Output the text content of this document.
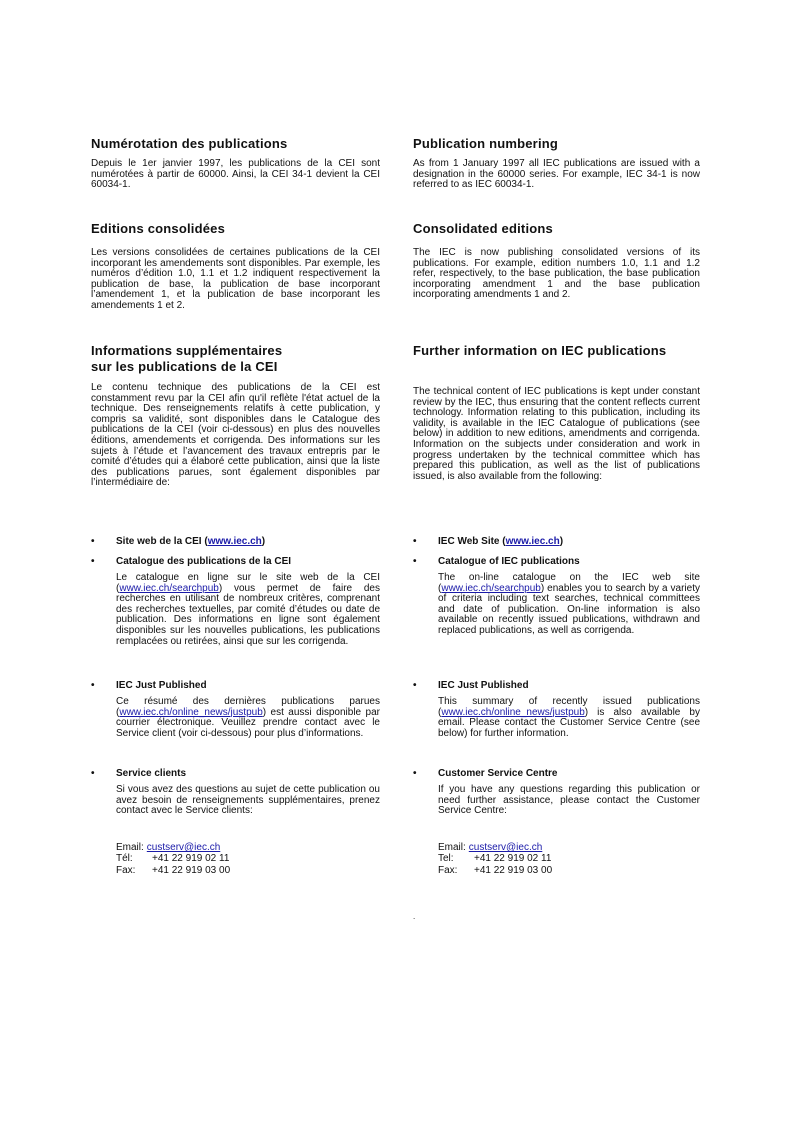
Numérotation des publications
Editions consolidées
Informations supplémentaires
sur les publications de la CEI
Depuis le 1er janvier 1997, les publications de la CEI sont numérotées à partir de 60000. Ainsi, la CEI 34-1 devient la CEI 60034-1.
Les versions consolidées de certaines publications de la CEI incorporant les amendements sont disponibles. Par exemple, les numéros d’édition 1.0, 1.1 et 1.2 indiquent respectivement la publication de base, la publication de base incorporant l’amendement 1, et la publication de base incorporant les amendements 1 et 2.
Le contenu technique des publications de la CEI est constamment revu par la CEI afin qu'il reflète l'état actuel de la technique. Des renseignements relatifs à cette publication, y compris sa validité, sont disponibles dans le Catalogue des publications de la CEI (voir ci-dessous) en plus des nouvelles éditions, amendements et corrigenda. Des informations sur les sujets à l’étude et l’avancement des travaux entrepris par le comité d’études qui a élaboré cette publication, ainsi que la liste des publications parues, sont également disponibles par l’intermédiaire de:
• Site web de la CEI (www.iec.ch)
• Catalogue des publications de la CEI
• IEC Just Published
• Service clients
Le catalogue en ligne sur le site web de la CEI (www.iec.ch/searchpub) vous permet de faire des recherches en utilisant de nombreux critères, comprenant des recherches textuelles, par comité d’études ou date de publication. Des informations en ligne sont également disponibles sur les nouvelles publications, les publications remplacées ou retirées, ainsi que sur les corrigenda.
Ce résumé des dernières publications parues (www.iec.ch/online_news/justpub) est aussi disponible par courrier électronique. Veuillez prendre contact avec le Service client (voir ci-dessous) pour plus d’informations.
Si vous avez des questions au sujet de cette publication ou avez besoin de renseignements supplémentaires, prenez contact avec le Service clients:
Email: custserv@iec.ch
Tél: +41 22 919 02 11
Fax: +41 22 919 03 00
Publication numbering
Consolidated editions
Further information on IEC publications
As from 1 January 1997 all IEC publications are issued with a designation in the 60000 series. For example, IEC 34-1 is now referred to as IEC 60034-1.
The IEC is now publishing consolidated versions of its publications. For example, edition numbers 1.0, 1.1 and 1.2 refer, respectively, to the base publication, the base publication incorporating amendment 1 and the base publication incorporating amendments 1 and 2.
The technical content of IEC publications is kept under constant review by the IEC, thus ensuring that the content reflects current technology. Information relating to this publication, including its validity, is available in the IEC Catalogue of publications (see below) in addition to new editions, amendments and corrigenda. Information on the subjects under consideration and work in progress undertaken by the technical committee which has prepared this publication, as well as the list of publications issued, is also available from the following:
• IEC Web Site (www.iec.ch)
• Catalogue of IEC publications
• IEC Just Published
• Customer Service Centre
The on-line catalogue on the IEC web site (www.iec.ch/searchpub) enables you to search by a variety of criteria including text searches, technical committees and date of publication. On-line information is also available on recently issued publications, withdrawn and replaced publications, as well as corrigenda.
This summary of recently issued publications (www.iec.ch/online_news/justpub) is also available by email. Please contact the Customer Service Centre (see below) for further information.
If you have any questions regarding this publication or need further assistance, please contact the Customer Service Centre:
Email: custserv@iec.ch
Tel: +41 22 919 02 11
Fax: +41 22 919 03 00
.
